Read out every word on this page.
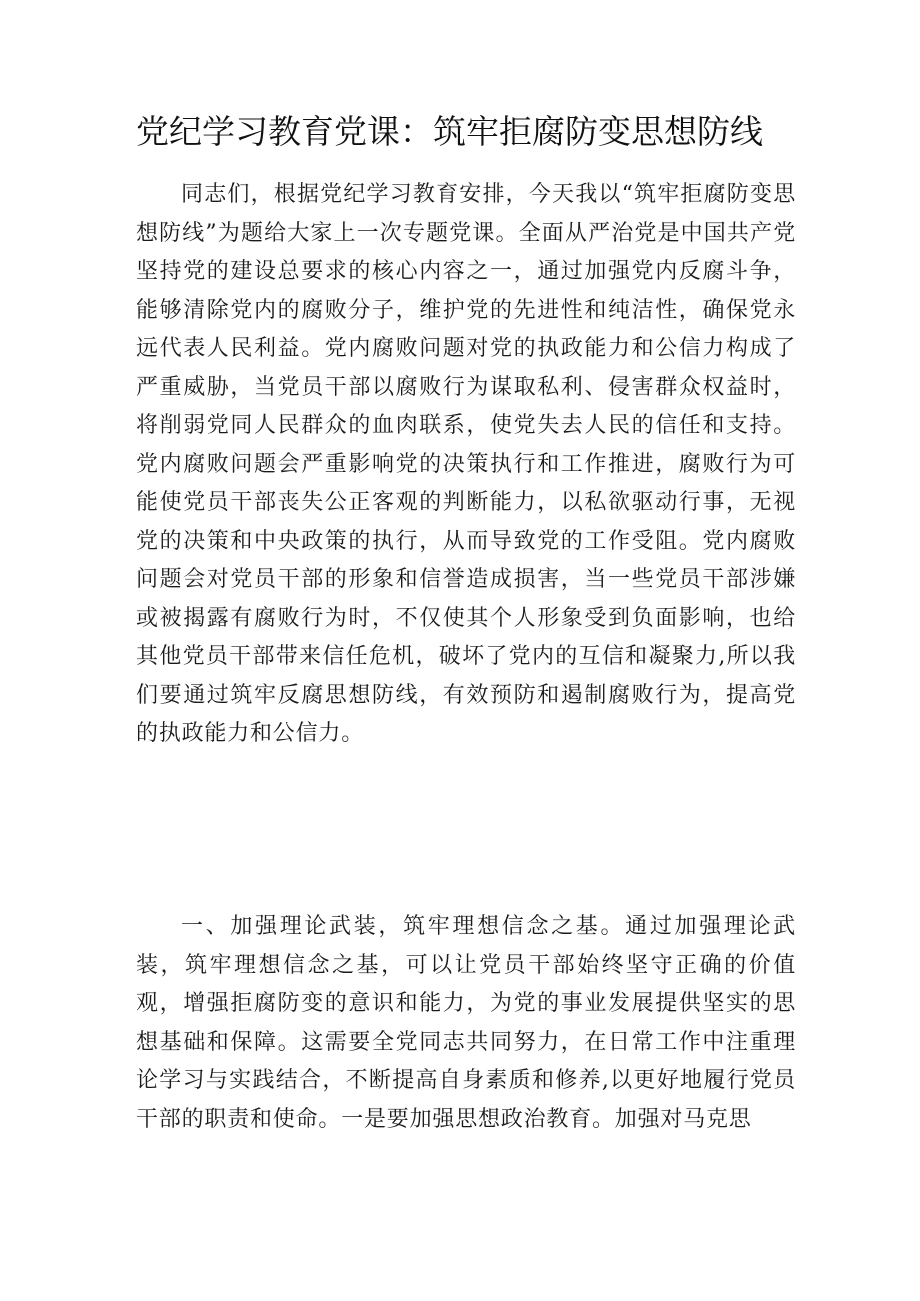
党纪学习教育党课：筑牢拒腐防变思想防线

同志们，根据党纪学习教育安排，今天我以“筑牢拒腐防变思想防线”为题给大家上一次专题党课。全面从严治党是中国共产党坚持党的建设总要求的核心内容之一，通过加强党内反腐斗争，能够清除党内的腐败分子，维护党的先进性和纯洁性，确保党永远代表人民利益。党内腐败问题对党的执政能力和公信力构成了严重威胁，当党员干部以腐败行为谋取私利、侵害群众权益时，将削弱党同人民群众的血肉联系，使党失去人民的信任和支持。党内腐败问题会严重影响党的决策执行和工作推进，腐败行为可能使党员干部丧失公正客观的判断能力，以私欲驱动行事，无视党的决策和中央政策的执行，从而导致党的工作受阻。党内腐败问题会对党员干部的形象和信誉造成损害，当一些党员干部涉嫌或被揭露有腐败行为时，不仅使其个人形象受到负面影响，也给其他党员干部带来信任危机，破坏了党内的互信和凝聚力,所以我们要通过筑牢反腐思想防线，有效预防和遏制腐败行为，提高党的执政能力和公信力。

一、加强理论武装，筑牢理想信念之基。通过加强理论武装，筑牢理想信念之基，可以让党员干部始终坚守正确的价值观，增强拒腐防变的意识和能力，为党的事业发展提供坚实的思想基础和保障。这需要全党同志共同努力，在日常工作中注重理论学习与实践结合，不断提高自身素质和修养,以更好地履行党员干部的职责和使命。一是要加强思想政治教育。加强对马克思
